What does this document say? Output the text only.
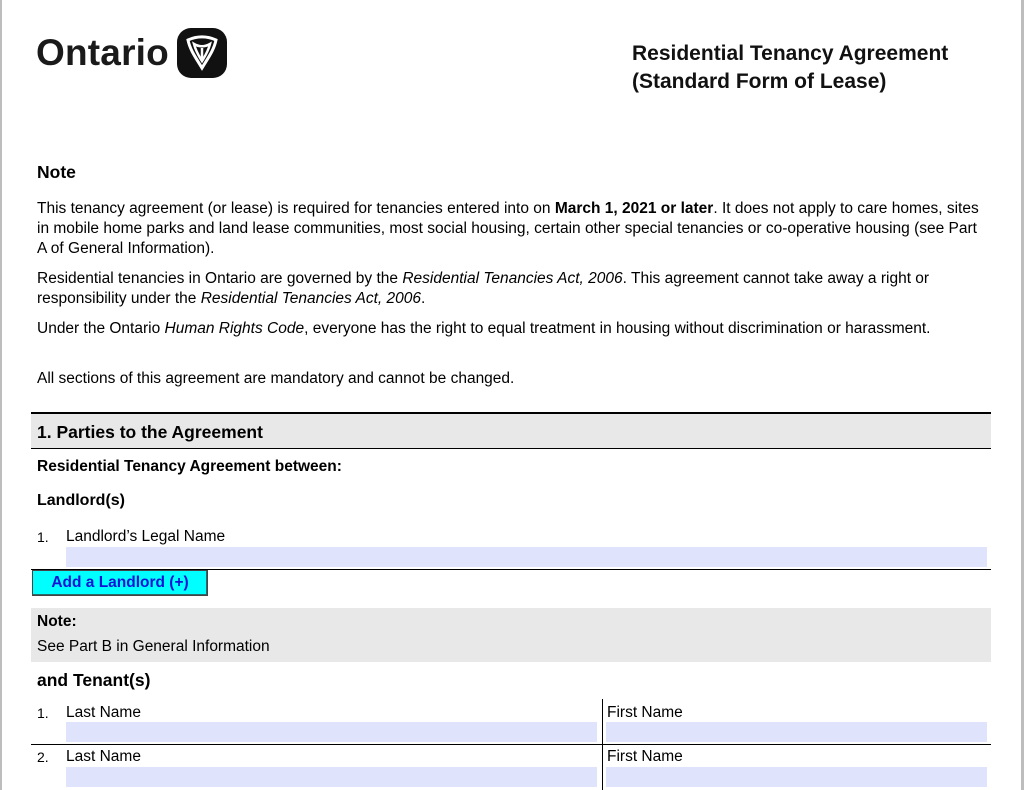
Ontario	Residential Tenancy Agreement
(Standard Form of Lease)
Note
This tenancy agreement (or lease) is required for tenancies entered into on March 1, 2021 or later. It does not apply to care homes, sites in mobile home parks and land lease communities, most social housing, certain other special tenancies or co-operative housing (see Part A of General Information).
Residential tenancies in Ontario are governed by the Residential Tenancies Act, 2006. This agreement cannot take away a right or responsibility under the Residential Tenancies Act, 2006.
Under the Ontario Human Rights Code, everyone has the right to equal treatment in housing without discrimination or harassment.
All sections of this agreement are mandatory and cannot be changed.
1. Parties to the Agreement
Residential Tenancy Agreement between:
Landlord(s)
1. Landlord’s Legal Name
Add a Landlord (+)
Note:
See Part B in General Information
and Tenant(s)
1. Last Name	First Name
2. Last Name	First Name
